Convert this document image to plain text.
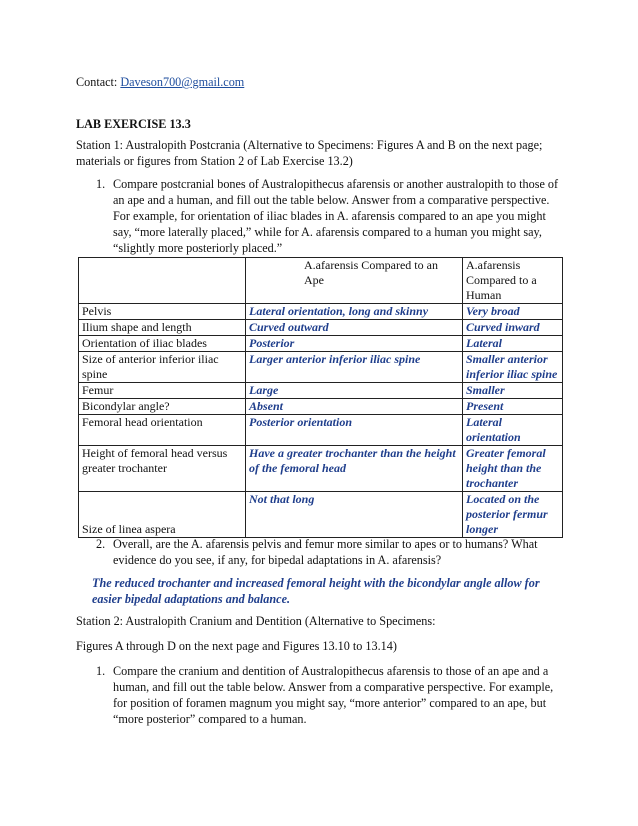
Contact: Daveson700@gmail.com

LAB EXERCISE 13.3

Station 1: Australopith Postcrania (Alternative to Specimens: Figures A and B on the next page; materials or figures from Station 2 of Lab Exercise 13.2)

1. Compare postcranial bones of Australopithecus afarensis or another australopith to those of an ape and a human, and fill out the table below. Answer from a comparative perspective. For example, for orientation of iliac blades in A. afarensis compared to an ape you might say, “more laterally placed,” while for A. afarensis compared to a human you might say, “slightly more posteriorly placed.”

	A.afarensis Compared to an Ape	A.afarensis Compared to a Human
Pelvis	Lateral orientation, long and skinny	Very broad
Ilium shape and length	Curved outward	Curved inward
Orientation of iliac blades	Posterior	Lateral
Size of anterior inferior iliac spine	Larger anterior inferior iliac spine	Smaller anterior inferior iliac spine
Femur	Large	Smaller
Bicondylar angle?	Absent	Present
Femoral head orientation	Posterior orientation	Lateral orientation
Height of femoral head versus greater trochanter	Have a greater trochanter than the height of the femoral head	Greater femoral height than the trochanter
Size of linea aspera	Not that long	Located on the posterior fermur longer

2. Overall, are the A. afarensis pelvis and femur more similar to apes or to humans? What evidence do you see, if any, for bipedal adaptations in A. afarensis?

The reduced trochanter and increased femoral height with the bicondylar angle allow for easier bipedal adaptations and balance.

Station 2: Australopith Cranium and Dentition (Alternative to Specimens:

Figures A through D on the next page and Figures 13.10 to 13.14)

1. Compare the cranium and dentition of Australopithecus afarensis to those of an ape and a human, and fill out the table below. Answer from a comparative perspective. For example, for position of foramen magnum you might say, “more anterior” compared to an ape, but “more posterior” compared to a human.
